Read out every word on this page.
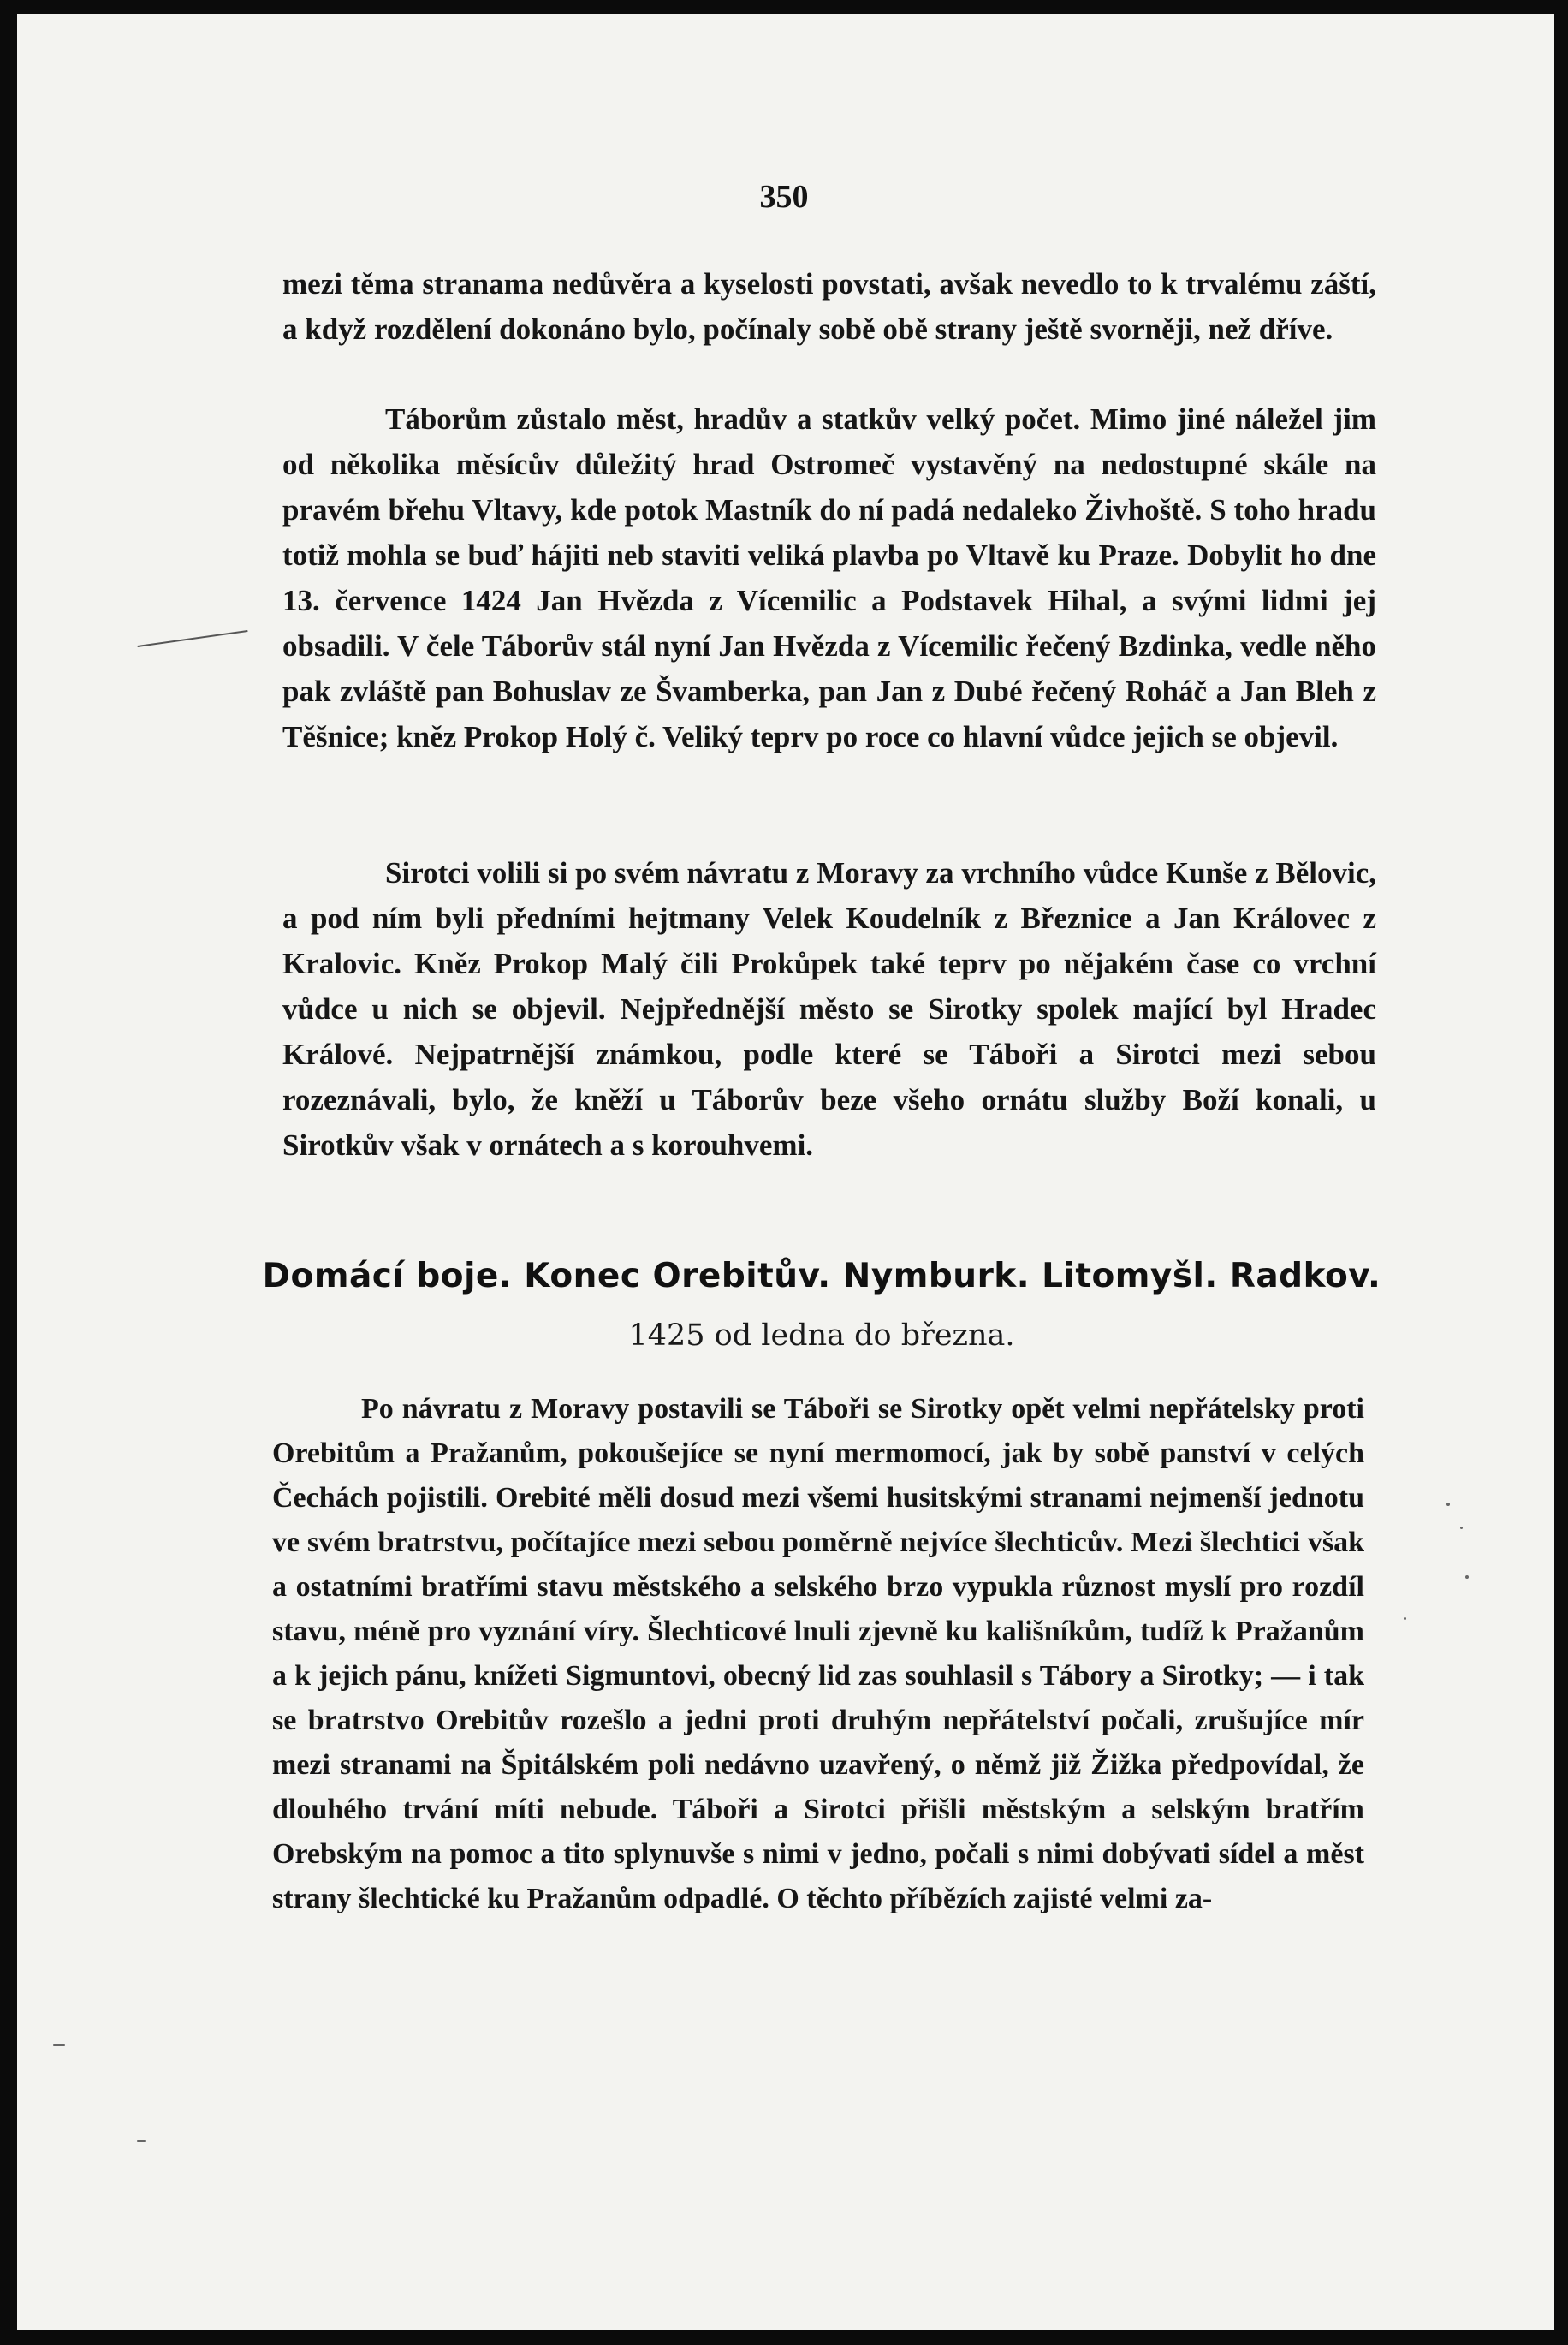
350

mezi těma stranama nedůvěra a kyselosti povstati, avšak nevedlo to k trvalému záští, a když rozdělení dokonáno bylo, počínaly sobě obě strany ještě svorněji, než dříve.

Táborům zůstalo měst, hradův a statkův velký počet. Mimo jiné náležel jim od několika měsícův důležitý hrad Ostromeč vystavěný na nedostupné skále na pravém břehu Vltavy, kde potok Mastník do ní padá nedaleko Živhoště. S toho hradu totiž mohla se buď hájiti neb staviti veliká plavba po Vltavě ku Praze. Dobylit ho dne 13. července 1424 Jan Hvězda z Vícemilic a Podstavek Hihal, a svými lidmi jej obsadili. V čele Táborův stál nyní Jan Hvězda z Vícemilic řečený Bzdinka, vedle něho pak zvláště pan Bohuslav ze Švamberka, pan Jan z Dubé řečený Roháč a Jan Bleh z Těšnice; kněz Prokop Holý č. Veliký teprv po roce co hlavní vůdce jejich se objevil.

Sirotci volili si po svém návratu z Moravy za vrchního vůdce Kunše z Bělovic, a pod ním byli předními hejtmany Velek Koudelník z Březnice a Jan Královec z Kralovic. Kněz Prokop Malý čili Prokůpek také teprv po nějakém čase co vrchní vůdce u nich se objevil. Nejpřednější město se Sirotky spolek mající byl Hradec Králové. Nejpatrnější známkou, podle které se Táboři a Sirotci mezi sebou rozeznávali, bylo, že kněží u Táborův beze všeho ornátu služby Boží konali, u Sirotkův však v ornátech a s korouhvemi.

Domácí boje. Konec Orebitův. Nymburk. Litomyšl. Radkov.
1425 od ledna do března.

Po návratu z Moravy postavili se Táboři se Sirotky opět velmi nepřátelsky proti Orebitům a Pražanům, pokoušejíce se nyní mermomocí, jak by sobě panství v celých Čechách pojistili. Orebité měli dosud mezi všemi husitskými stranami nejmenší jednotu ve svém bratrstvu, počítajíce mezi sebou poměrně nejvíce šlechticův. Mezi šlechtici však a ostatními bratřími stavu městského a selského brzo vypukla různost myslí pro rozdíl stavu, méně pro vyznání víry. Šlechticové lnuli zjevně ku kališníkům, tudíž k Pražanům a k jejich pánu, knížeti Sigmuntovi, obecný lid zas souhlasil s Tábory a Sirotky; — i tak se bratrstvo Orebitův rozešlo a jedni proti druhým nepřátelství počali, zrušujíce mír mezi stranami na Špitálském poli nedávno uzavřený, o němž již Žižka předpovídal, že dlouhého trvání míti nebude. Táboři a Sirotci přišli městským a selským bratřím Orebským na pomoc a tito splynuvše s nimi v jedno, počali s nimi dobývati sídel a měst strany šlechtické ku Pražanům odpadlé. O těchto příbězích zajisté velmi za-
